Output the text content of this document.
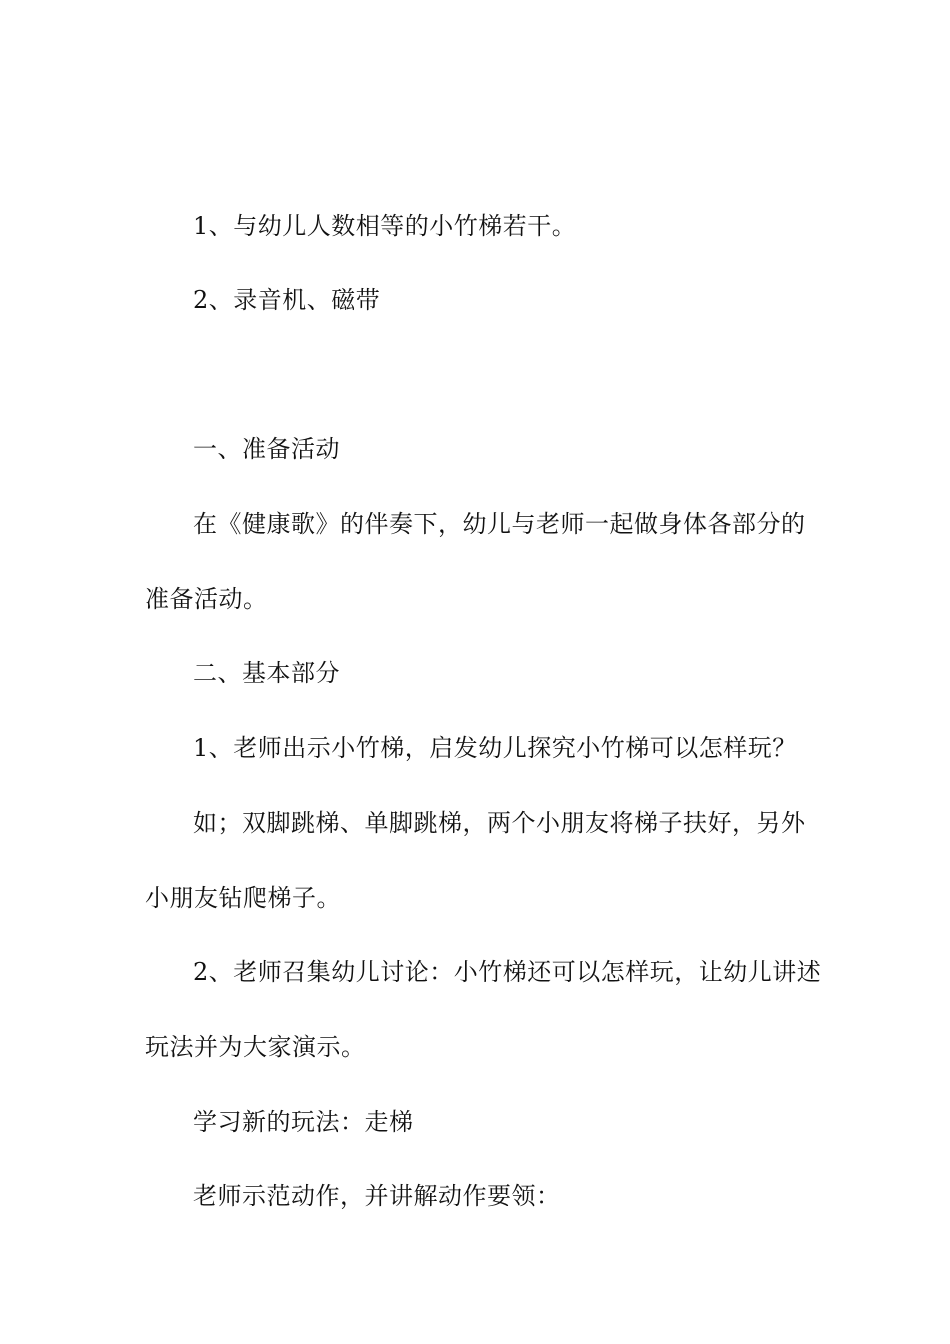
1、与幼儿人数相等的小竹梯若干。
2、录音机、磁带
一、准备活动
在《健康歌》的伴奏下，幼儿与老师一起做身体各部分的
准备活动。
二、基本部分
1、老师出示小竹梯，启发幼儿探究小竹梯可以怎样玩？
如；双脚跳梯、单脚跳梯，两个小朋友将梯子扶好，另外
小朋友钻爬梯子。
2、老师召集幼儿讨论：小竹梯还可以怎样玩，让幼儿讲述
玩法并为大家演示。
学习新的玩法：走梯
老师示范动作，并讲解动作要领：
